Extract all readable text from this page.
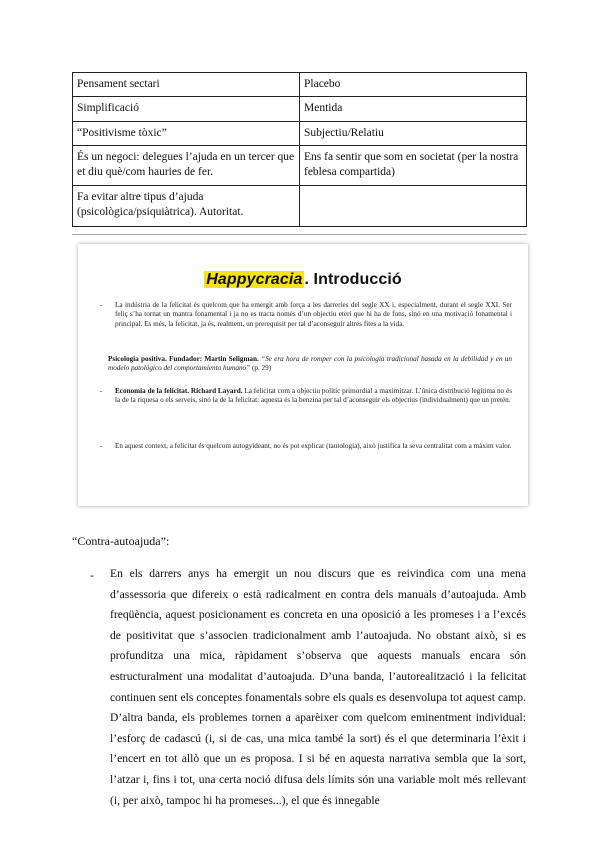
Pensament sectari	Placebo
Simplificació	Mentida
“Positivisme tòxic”	Subjectiu/Relatiu
És un negoci: delegues l’ajuda en un tercer que et diu què/com hauries de fer.	Ens fa sentir que som en societat (per la nostra feblesa compartida)
Fa evitar altre tipus d’ajuda (psicològica/psiquiàtrica). Autoritat.	
Happycracia . Introducció
- La indústria de la felicitat és quelcom que ha emergit amb força a les darreries del segle XX i, especialment, durant el segle XXI. Ser feliç s’ha tornat un mantra fonamental i ja no es tracta només d’un objectiu eteri que hi ha de fons, sinó en una motivació fonamental i principal. Es més, la felicitat, ja és, realment, un prerequisit per tal d’aconseguir altres fites a la vida.
Psicologia positiva. Fundador: Martin Seligman. “Se era hora de romper con la psicologia tradicional basada en la debilidad y en un modelo patológico del comportamiento humano” (p. 29)
- Economia de la felicitat. Richard Layard. La felicitat com a objectiu polític primordial a maximitzar. L’única distribució legítima no és la de la riquesa o els serveis, sinó la de la felicitat: aquesta és la benzina per tal d’aconseguir els objectius (individualment) que un pretén.
- En aquest context, a felicitat és quelcom autogyideant, no és pot explicar (tautologia), això justifica la seva centralitat com a màxim valor.
“Contra-autoajuda”:
- En els darrers anys ha emergit un nou discurs que es reivindica com una mena d’assessoria que difereix o està radicalment en contra dels manuals d’autoajuda. Amb freqüència, aquest posicionament es concreta en una oposició a les promeses i a l’excés de positivitat que s’associen tradicionalment amb l’autoajuda. No obstant això, si es profunditza una mica, ràpidament s’observa que aquests manuals encara són estructuralment una modalitat d’autoajuda. D’una banda, l’autorealització i la felicitat continuen sent els conceptes fonamentals sobre els quals es desenvolupa tot aquest camp. D’altra banda, els problemes tornen a aparèixer com quelcom eminentment individual: l’esforç de cadascú (i, si de cas, una mica també la sort) és el que determinaria l’èxit i l’encert en tot allò que un es proposa. I si bé en aquesta narrativa sembla que la sort, l’atzar i, fins i tot, una certa noció difusa dels límits són una variable molt més rellevant (i, per això, tampoc hi ha promeses...), el que és innegable
